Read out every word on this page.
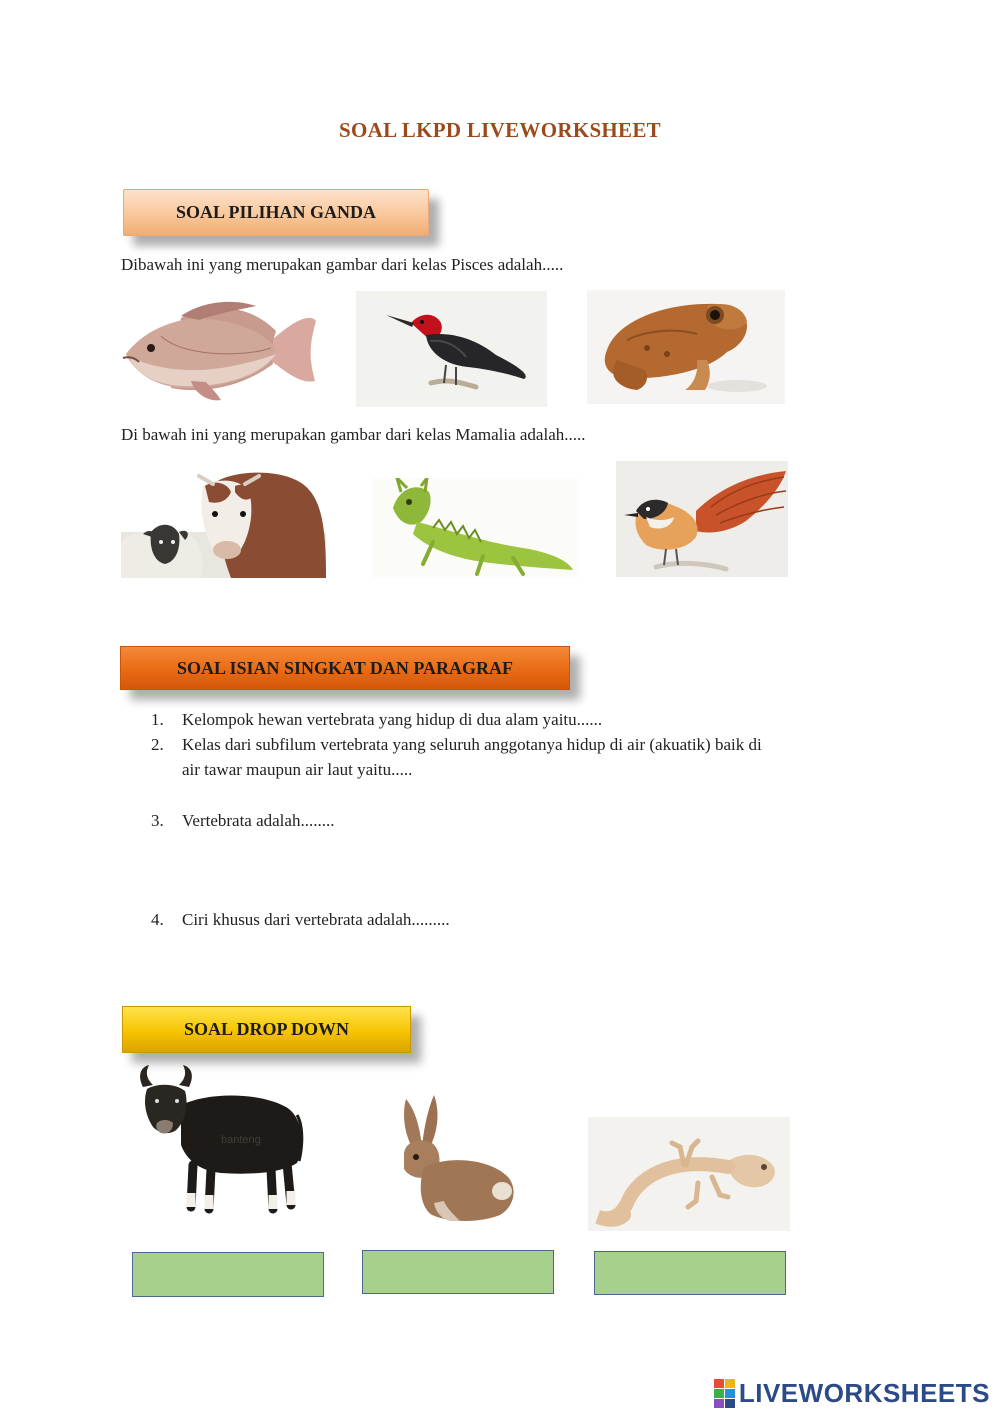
SOAL LKPD LIVEWORKSHEET
SOAL PILIHAN GANDA
Dibawah ini yang merupakan gambar dari kelas Pisces adalah.....
Di bawah ini yang merupakan gambar dari kelas Mamalia adalah.....
SOAL ISIAN SINGKAT DAN PARAGRAF
1. Kelompok hewan vertebrata yang hidup di dua alam yaitu......
2. Kelas dari subfilum vertebrata yang seluruh anggotanya hidup di air (akuatik) baik di
air tawar maupun air laut yaitu.....
3. Vertebrata adalah........
4. Ciri khusus dari vertebrata adalah.........
SOAL DROP DOWN
banteng
LIVEWORKSHEETS
